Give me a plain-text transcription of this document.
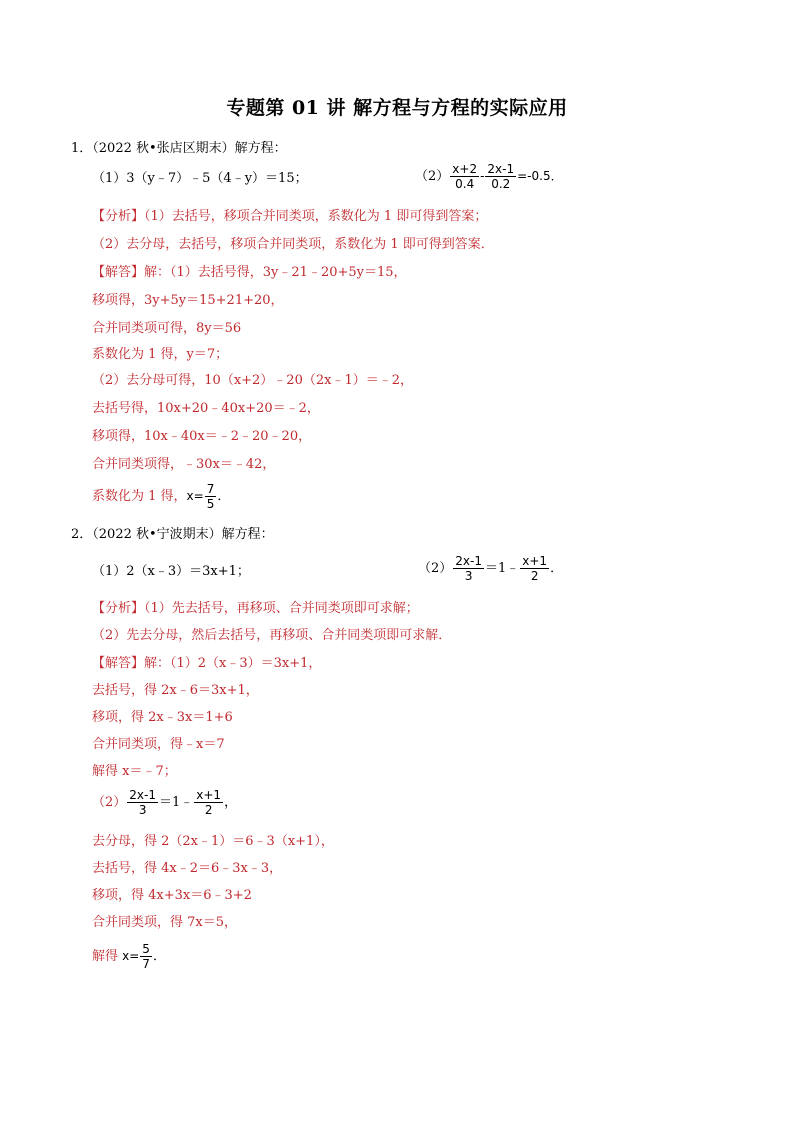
专题第 01 讲 解方程与方程的实际应用
1．（2022 秋•张店区期末）解方程：
（1）3（y﹣7）﹣5（4﹣y）＝15；	$(2) \frac{x+2}{0.4} - \frac{2x-1}{0.2} =-0.5$．
【分析】（1）去括号，移项合并同类项，系数化为 1 即可得到答案；
（2）去分母，去括号，移项合并同类项，系数化为 1 即可得到答案．
【解答】解：（1）去括号得，3y﹣21﹣20+5y＝15，
移项得，3y+5y＝15+21+20，
合并同类项可得，8y＝56
系数化为 1 得，y＝7；
（2）去分母可得，10（x+2）﹣20（2x﹣1）＝﹣2，
去括号得，10x+20﹣40x+20＝﹣2，
移项得，10x﹣40x＝﹣2﹣20﹣20，
合并同类项得，﹣30x＝﹣42，
系数化为 1 得，$x= \frac{7}{5}$ ．
2．（2022 秋•宁波期末）解方程：
（1）2（x﹣3）＝3x+1；	$(2) \frac{2x-1}{3}$ ＝1﹣ $\frac{x+1}{2}$ ．
【分析】（1）先去括号，再移项、合并同类项即可求解；
（2）先去分母，然后去括号，再移项、合并同类项即可求解．
【解答】解：（1）2（x﹣3）＝3x+1，
去括号，得 2x﹣6＝3x+1，
移项，得 2x﹣3x＝1+6
合并同类项，得﹣x＝7
解得 x＝﹣7；
$(2) \frac{2x-1}{3}$ ＝1﹣ $\frac{x+1}{2}$ ，
去分母，得 2（2x﹣1）＝6﹣3（x+1），
去括号，得 4x﹣2＝6﹣3x﹣3，
移项，得 4x+3x＝6﹣3+2
合并同类项，得 7x＝5，
解得 $x= \frac{5}{7}$ ．
